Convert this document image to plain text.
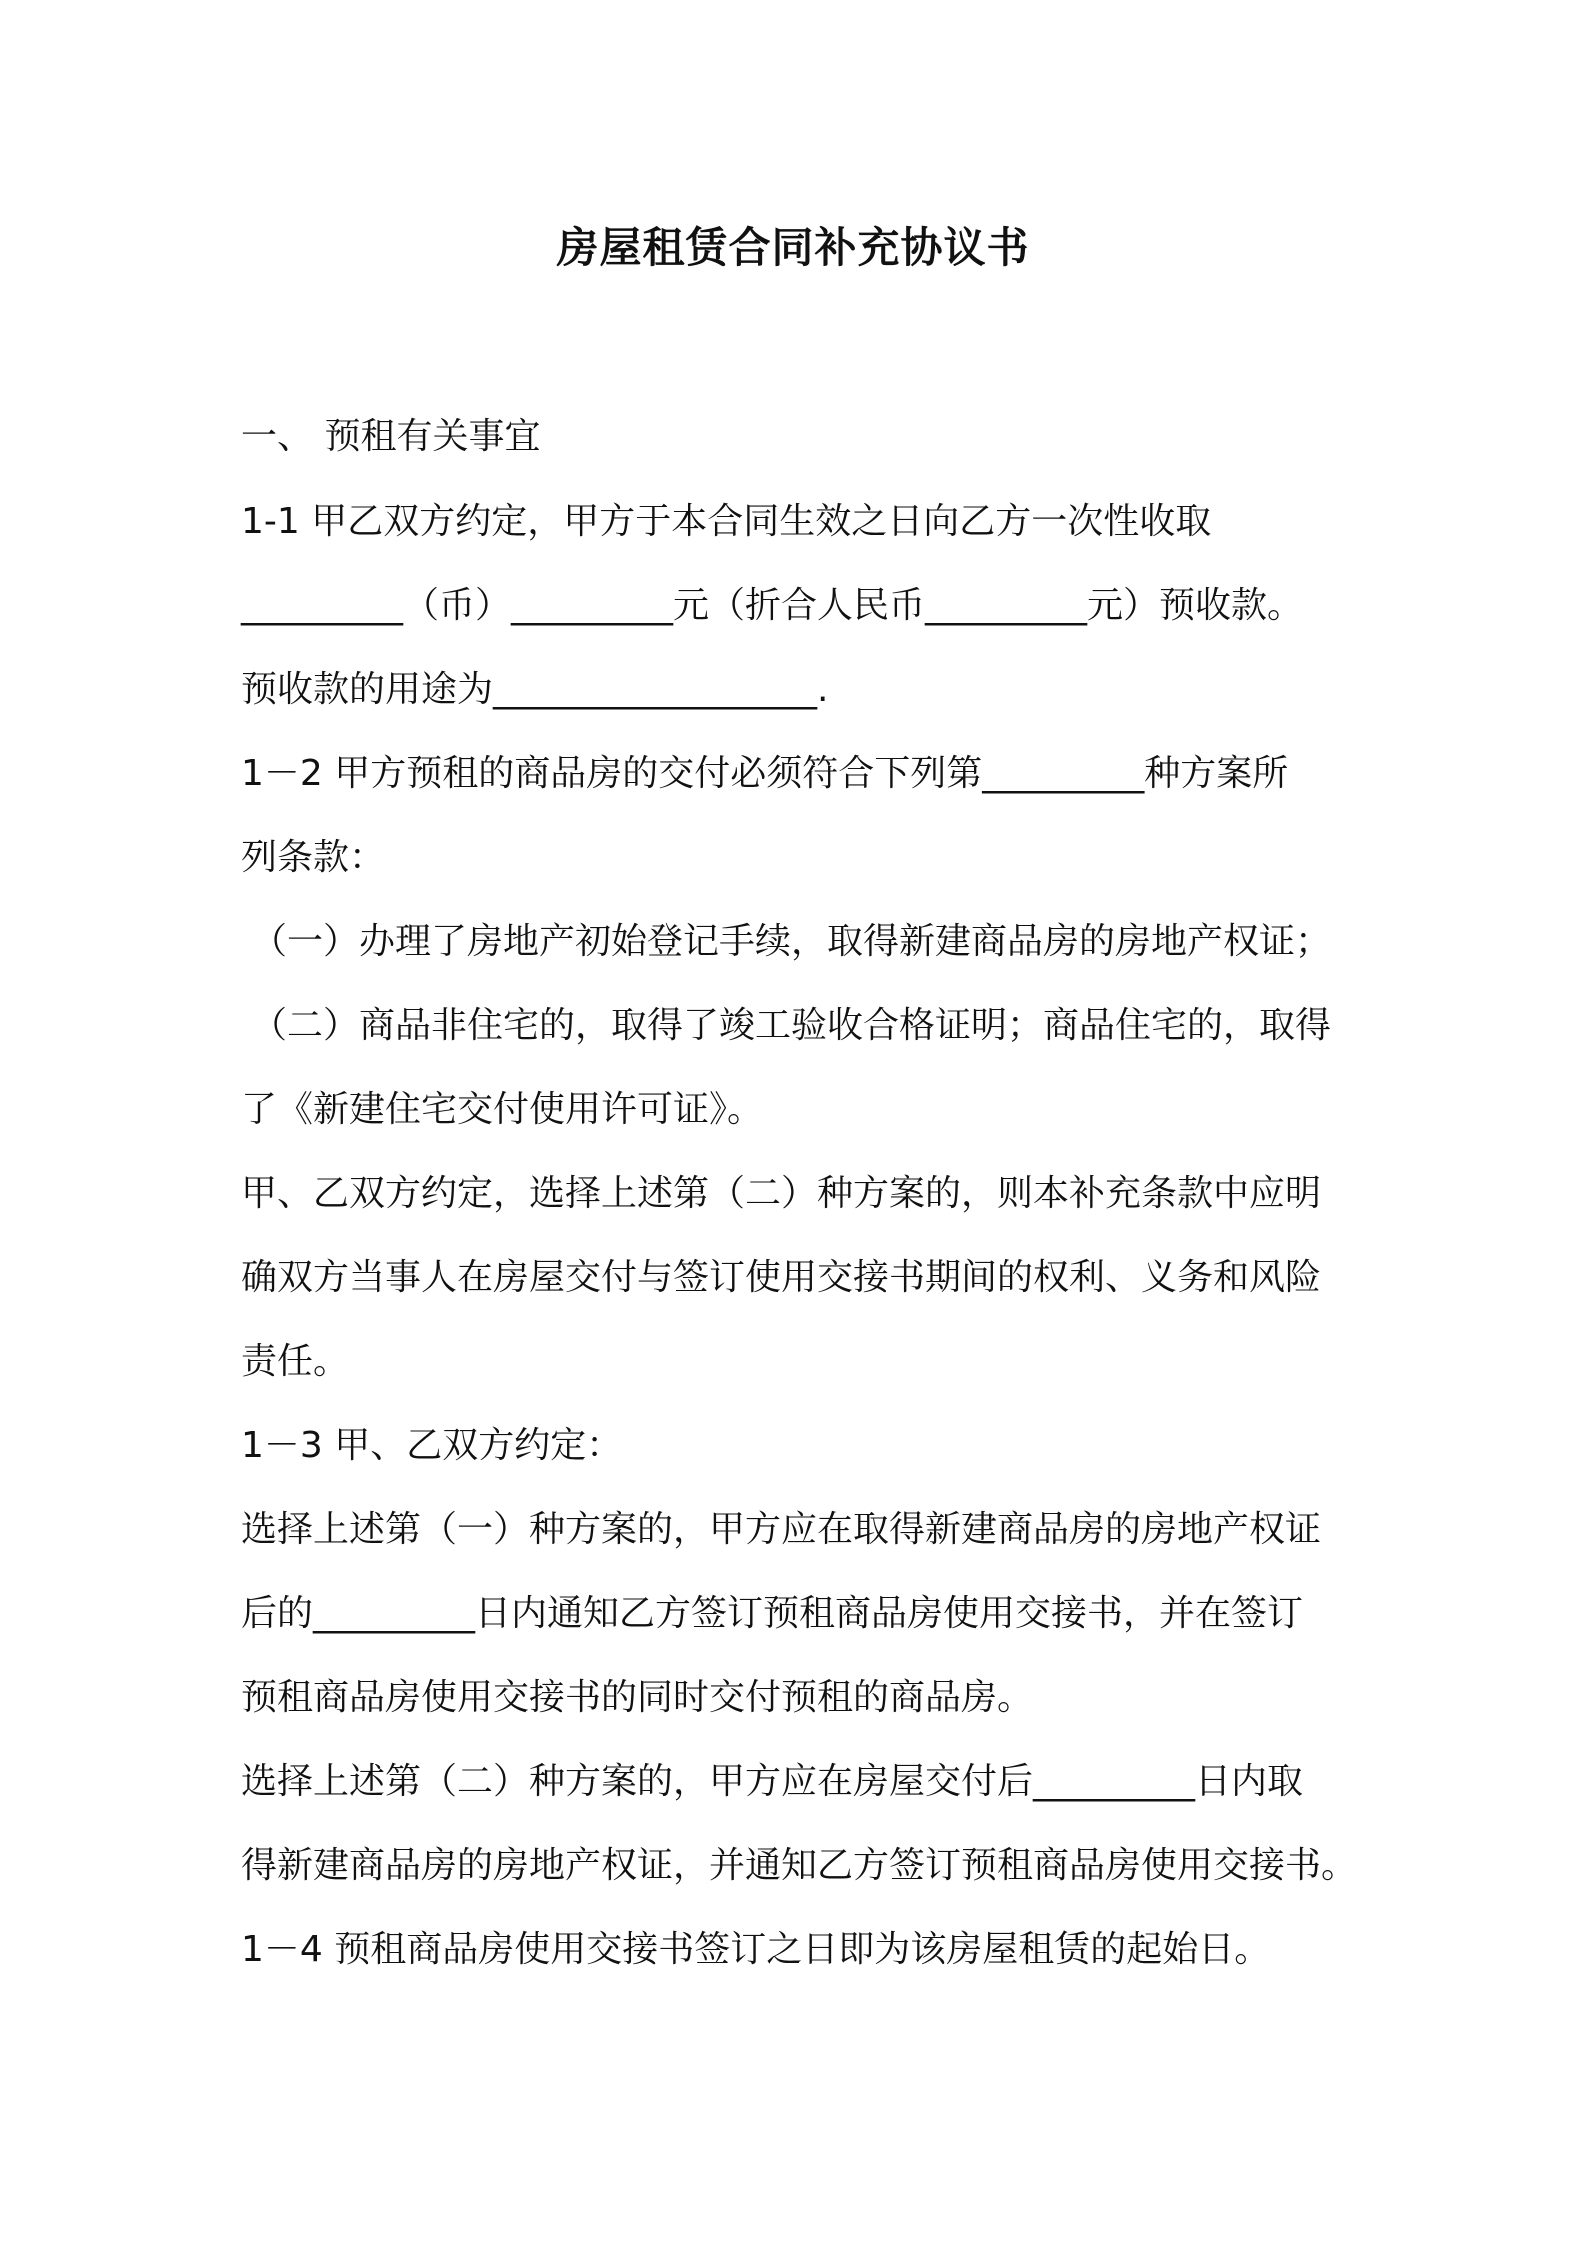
房屋租赁合同补充协议书
一、 预租有关事宜
1-1 甲乙双方约定，甲方于本合同生效之日向乙方一次性收取
_________（币）_________元（折合人民币_________元）预收款。
预收款的用途为__________________.
1－2 甲方预租的商品房的交付必须符合下列第_________种方案所
列条款：
（一）办理了房地产初始登记手续，取得新建商品房的房地产权证；
（二）商品非住宅的，取得了竣工验收合格证明；商品住宅的，取得
了《新建住宅交付使用许可证》。
甲、乙双方约定，选择上述第（二）种方案的，则本补充条款中应明
确双方当事人在房屋交付与签订使用交接书期间的权利、义务和风险
责任。
1－3 甲、乙双方约定：
选择上述第（一）种方案的，甲方应在取得新建商品房的房地产权证
后的_________日内通知乙方签订预租商品房使用交接书，并在签订
预租商品房使用交接书的同时交付预租的商品房。
选择上述第（二）种方案的，甲方应在房屋交付后_________日内取
得新建商品房的房地产权证，并通知乙方签订预租商品房使用交接书。
1－4 预租商品房使用交接书签订之日即为该房屋租赁的起始日。
